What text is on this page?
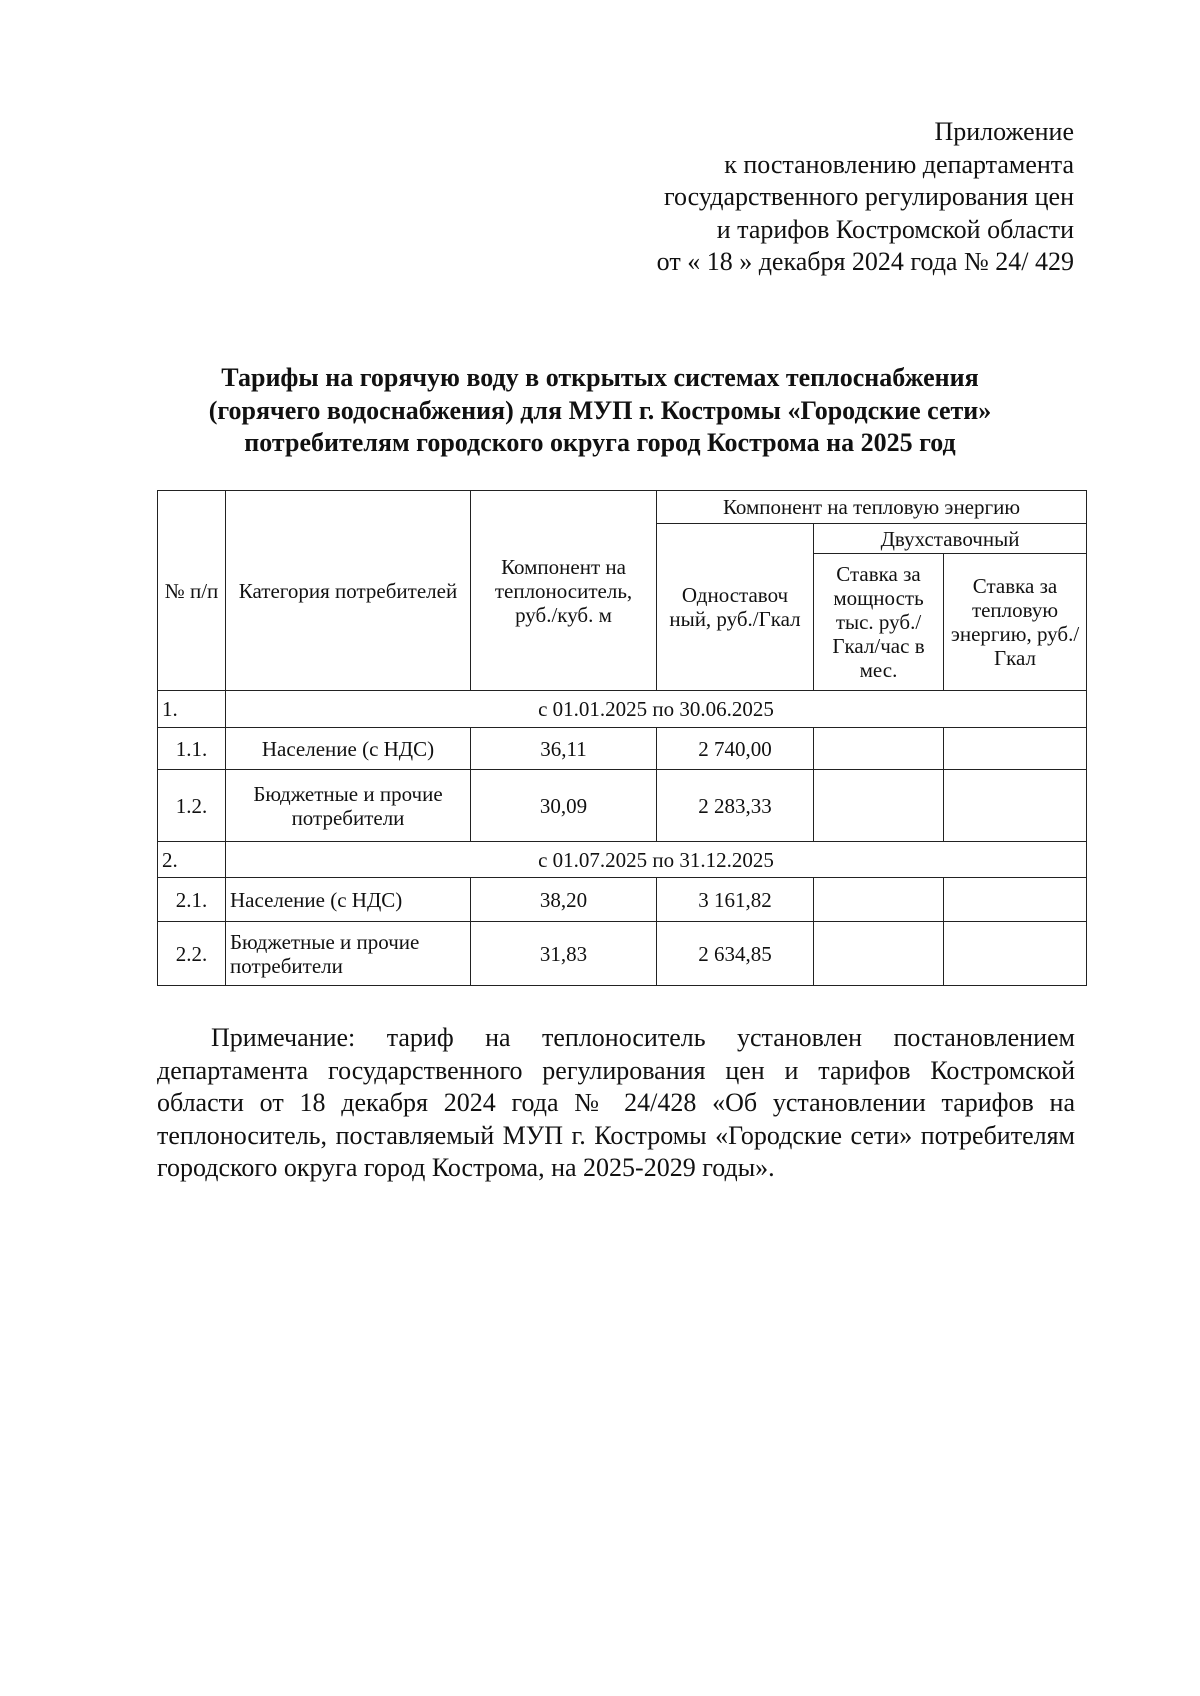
Приложение
к постановлению департамента
государственного регулирования цен
и тарифов Костромской области
от « 18 » декабря 2024 года № 24/ 429
Тарифы на горячую воду в открытых системах теплоснабжения
(горячего водоснабжения) для МУП г. Костромы «Городские сети»
потребителям городского округа город Кострома на 2025 год
№ п/п	Категория потребителей	Компонент на теплоноситель, руб./куб. м	Компонент на тепловую энергию		
			Одноставоч ный, руб./Гкал	Двухставочный	
				Ставка за мощность тыс. руб./ Гкал/час в мес.	Ставка за тепловую энергию, руб./Гкал

1.	с 01.01.2025 по 30.06.2025				
1.1.	Население (с НДС)	36,11	2 740,00		
1.2.	Бюджетные и прочие потребители	30,09	2 283,33		
2.	с 01.07.2025 по 31.12.2025				
2.1.	Население (с НДС)	38,20	3 161,82		
2.2.	Бюджетные и прочие потребители	31,83	2 634,85		
Примечание: тариф на теплоноситель установлен постановлением департамента государственного регулирования цен и тарифов Костромской области от 18 декабря 2024 года № 24/428 «Об установлении тарифов на теплоноситель, поставляемый МУП г. Костромы «Городские сети» потребителям городского округа город Кострома, на 2025-2029 годы».
